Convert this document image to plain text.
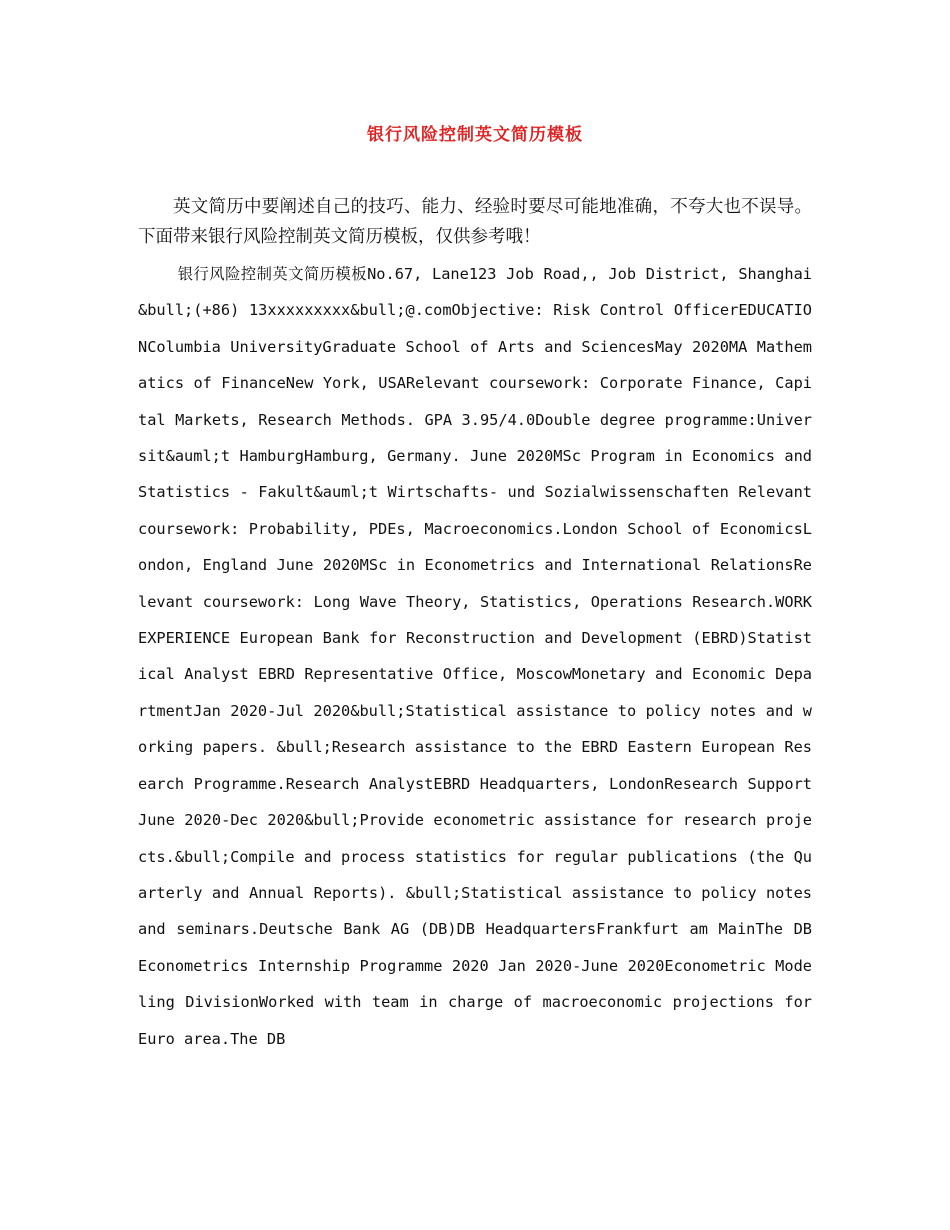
银行风险控制英文简历模板

英文简历中要阐述自己的技巧、能力、经验时要尽可能地准确，不夸大也不误导。下面带来银行风险控制英文简历模板，仅供参考哦！

银行风险控制英文简历模板No.67, Lane123 Job Road,, Job District, Shanghai &bull;(+86) 13xxxxxxxxx&bull;@.comObjective: Risk Control OfficerEDUCATIONColumbia UniversityGraduate School of Arts and SciencesMay 2020MA Mathematics of FinanceNew York, USARelevant coursework: Corporate Finance, Capital Markets, Research Methods. GPA 3.95/4.0Double degree programme:Universit&auml;t HamburgHamburg, Germany. June 2020MSc Program in Economics and Statistics - Fakult&auml;t Wirtschafts- und Sozialwissenschaften Relevant coursework: Probability, PDEs, Macroeconomics.London School of EconomicsLondon, England June 2020MSc in Econometrics and International RelationsRelevant coursework: Long Wave Theory, Statistics, Operations Research.WORK EXPERIENCE European Bank for Reconstruction and Development (EBRD)Statistical Analyst EBRD Representative Office, MoscowMonetary and Economic DepartmentJan 2020-Jul 2020&bull;Statistical assistance to policy notes and working papers. &bull;Research assistance to the EBRD Eastern European Research Programme.Research AnalystEBRD Headquarters, LondonResearch Support June 2020-Dec 2020&bull;Provide econometric assistance for research projects.&bull;Compile and process statistics for regular publications (the Quarterly and Annual Reports). &bull;Statistical assistance to policy notes and seminars.Deutsche Bank AG (DB)DB HeadquartersFrankfurt am MainThe DB Econometrics Internship Programme 2020 Jan 2020-June 2020Econometric Modeling DivisionWorked with team in charge of macroeconomic projections for Euro area.The DB
